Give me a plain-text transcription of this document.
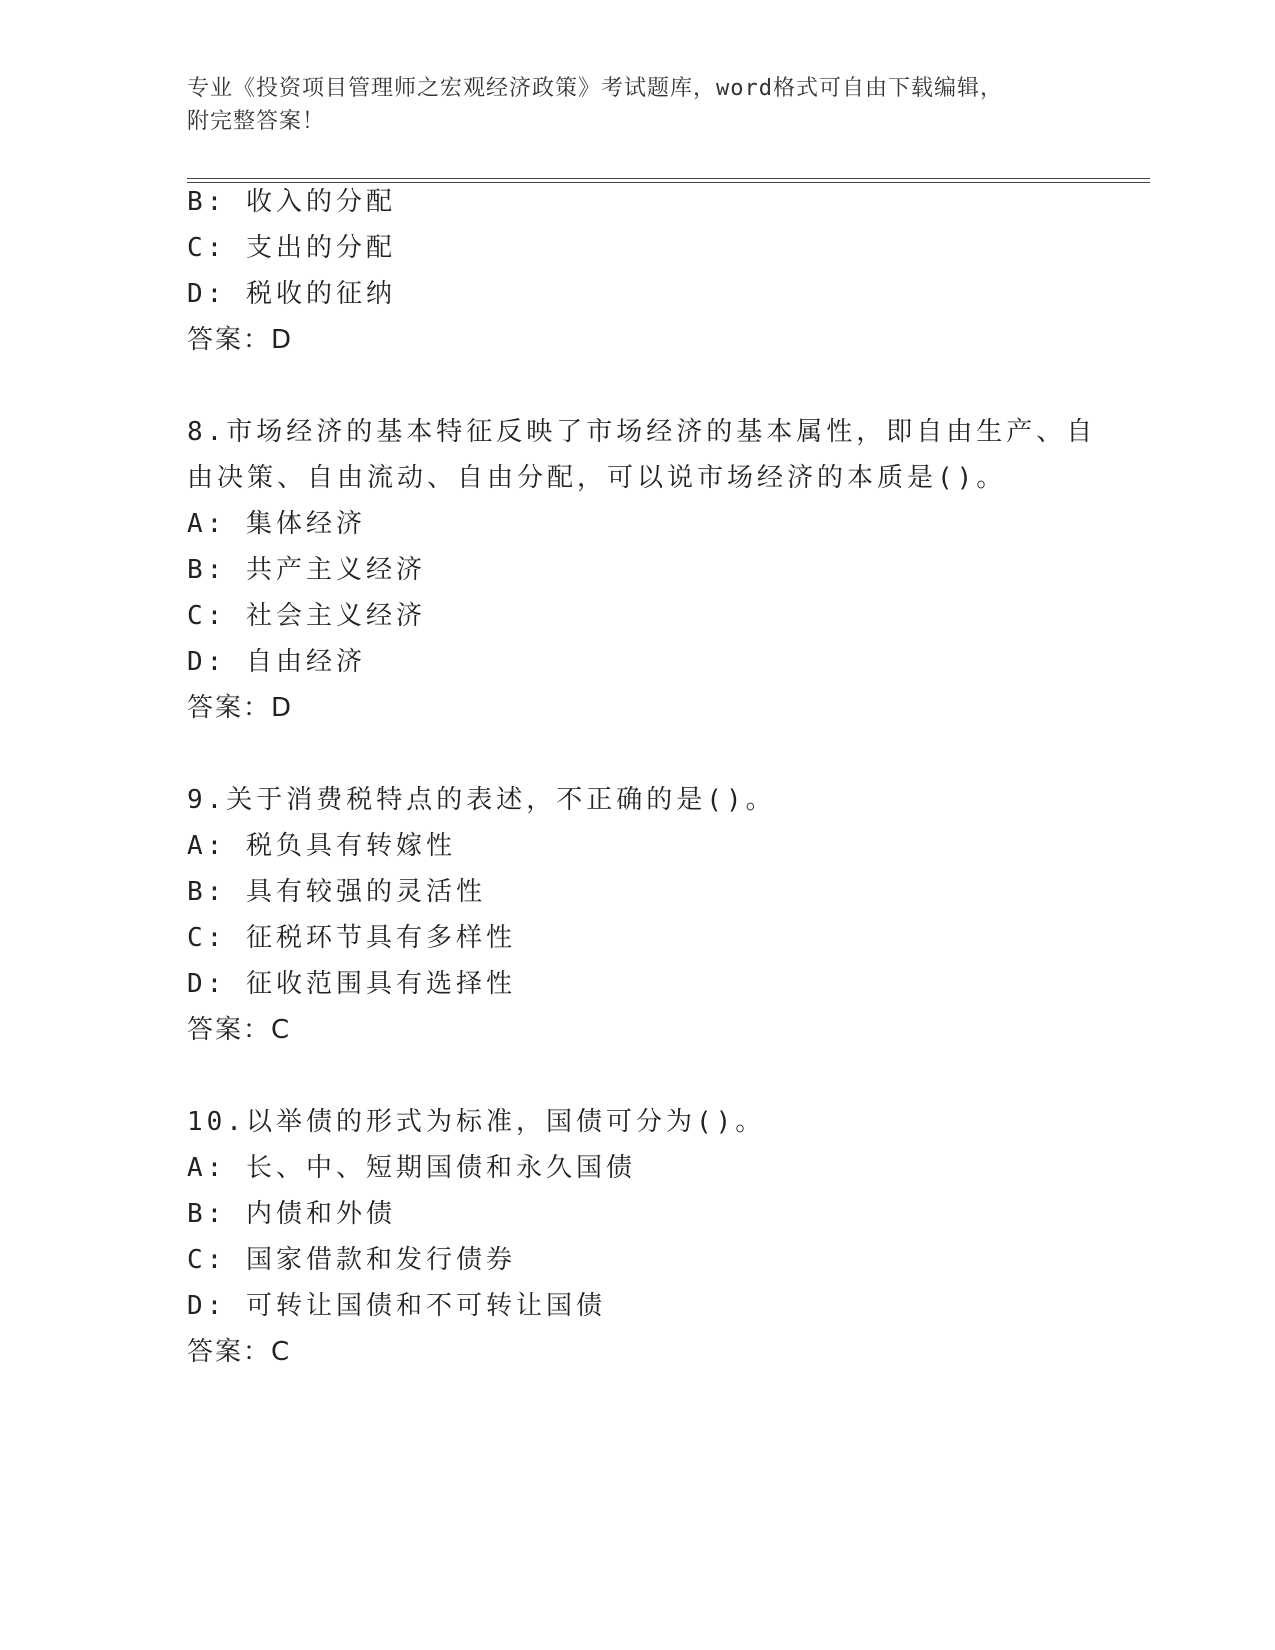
专业《投资项目管理师之宏观经济政策》考试题库，word格式可自由下载编辑，
附完整答案！
B: 收入的分配
C: 支出的分配
D: 税收的征纳
答案：D
8.市场经济的基本特征反映了市场经济的基本属性，即自由生产、自
由决策、自由流动、自由分配，可以说市场经济的本质是()。
A: 集体经济
B: 共产主义经济
C: 社会主义经济
D: 自由经济
答案：D
9.关于消费税特点的表述，不正确的是()。
A: 税负具有转嫁性
B: 具有较强的灵活性
C: 征税环节具有多样性
D: 征收范围具有选择性
答案：C
10.以举债的形式为标准，国债可分为()。
A: 长、中、短期国债和永久国债
B: 内债和外债
C: 国家借款和发行债券
D: 可转让国债和不可转让国债
答案：C
